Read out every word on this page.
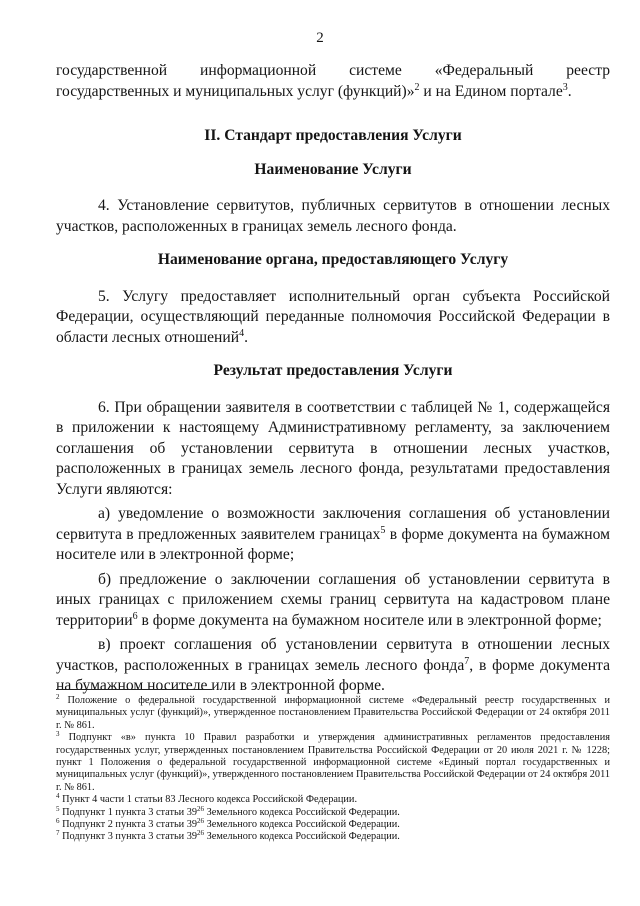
2

государственной информационной системе «Федеральный реестр государственных и муниципальных услуг (функций)»$^2$ и на Едином портале$^3$.

II. Стандарт предоставления Услуги

Наименование Услуги

4. Установление сервитутов, публичных сервитутов в отношении лесных участков, расположенных в границах земель лесного фонда.

Наименование органа, предоставляющего Услугу

5. Услугу предоставляет исполнительный орган субъекта Российской Федерации, осуществляющий переданные полномочия Российской Федерации в области лесных отношений$^4$.

Результат предоставления Услуги

6. При обращении заявителя в соответствии с таблицей № 1, содержащейся в приложении к настоящему Административному регламенту, за заключением соглашения об установлении сервитута в отношении лесных участков, расположенных в границах земель лесного фонда, результатами предоставления Услуги являются:

а) уведомление о возможности заключения соглашения об установлении сервитута в предложенных заявителем границах$^5$ в форме документа на бумажном носителе или в электронной форме;

б) предложение о заключении соглашения об установлении сервитута в иных границах с приложением схемы границ сервитута на кадастровом плане территории$^6$ в форме документа на бумажном носителе или в электронной форме;

в) проект соглашения об установлении сервитута в отношении лесных участков, расположенных в границах земель лесного фонда$^7$, в форме документа на бумажном носителе или в электронной форме.

$^2$ Положение о федеральной государственной информационной системе «Федеральный реестр государственных и муниципальных услуг (функций)», утвержденное постановлением Правительства Российской Федерации от 24 октября 2011 г. № 861.

$^3$ Подпункт «в» пункта 10 Правил разработки и утверждения административных регламентов предоставления государственных услуг, утвержденных постановлением Правительства Российской Федерации от 20 июля 2021 г. № 1228; пункт 1 Положения о федеральной государственной информационной системе «Единый портал государственных и муниципальных услуг (функций)», утвержденного постановлением Правительства Российской Федерации от 24 октября 2011 г. № 861.

$^4$ Пункт 4 части 1 статьи 83 Лесного кодекса Российской Федерации.

$^5$ Подпункт 1 пункта 3 статьи $39^{26}$ Земельного кодекса Российской Федерации.

$^6$ Подпункт 2 пункта 3 статьи $39^{26}$ Земельного кодекса Российской Федерации.

$^7$ Подпункт 3 пункта 3 статьи $39^{26}$ Земельного кодекса Российской Федерации.
